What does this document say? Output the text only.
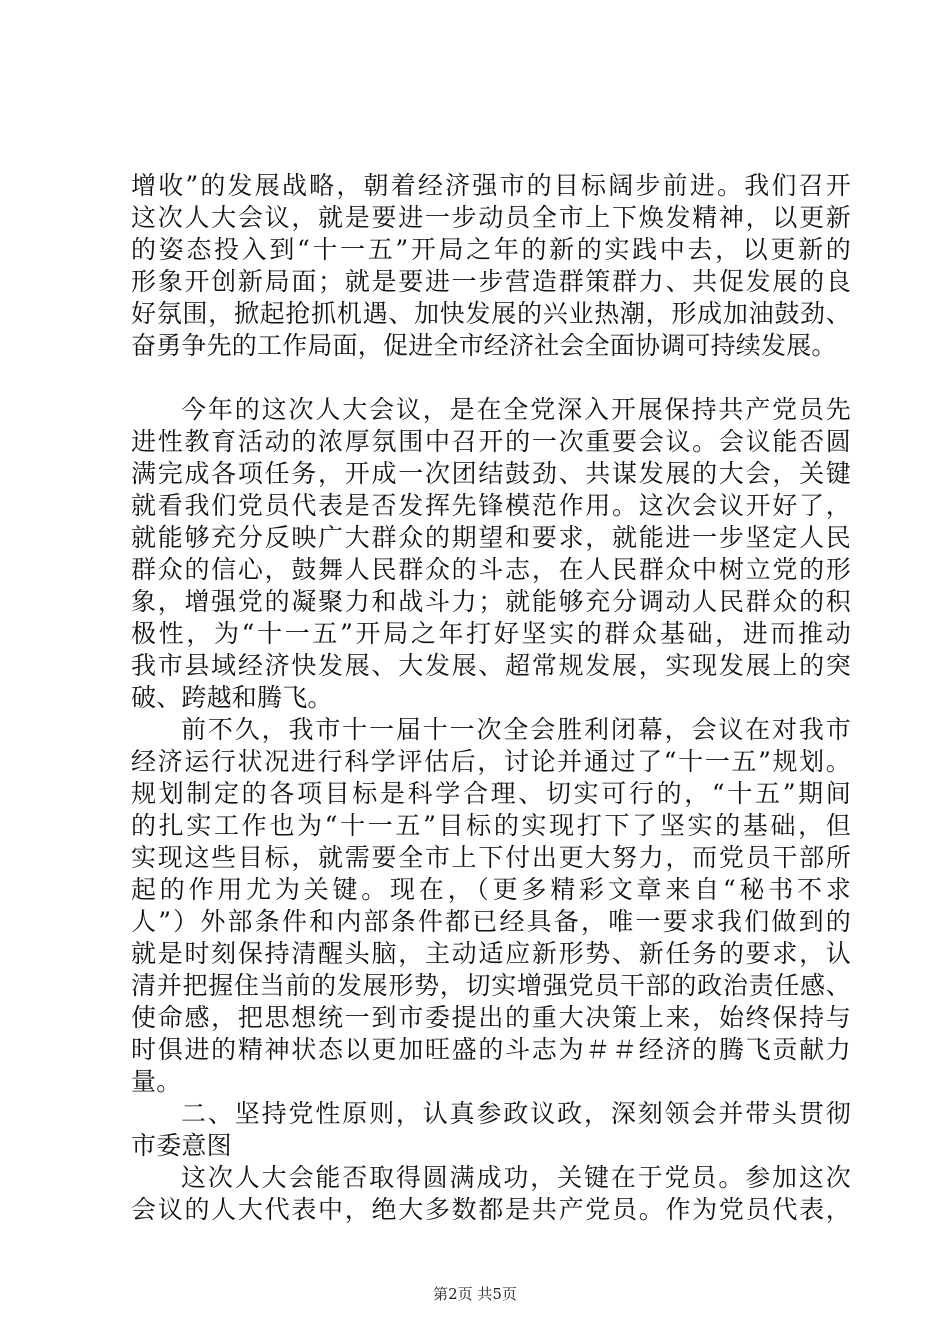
增收”的发展战略，朝着经济强市的目标阔步前进。我们召开
这次人大会议，就是要进一步动员全市上下焕发精神，以更新
的姿态投入到“十一五”开局之年的新的实践中去，以更新的
形象开创新局面；就是要进一步营造群策群力、共促发展的良
好氛围，掀起抢抓机遇、加快发展的兴业热潮，形成加油鼓劲、
奋勇争先的工作局面，促进全市经济社会全面协调可持续发展。
今年的这次人大会议，是在全党深入开展保持共产党员先
进性教育活动的浓厚氛围中召开的一次重要会议。会议能否圆
满完成各项任务，开成一次团结鼓劲、共谋发展的大会，关键
就看我们党员代表是否发挥先锋模范作用。这次会议开好了，
就能够充分反映广大群众的期望和要求，就能进一步坚定人民
群众的信心，鼓舞人民群众的斗志，在人民群众中树立党的形
象，增强党的凝聚力和战斗力；就能够充分调动人民群众的积
极性，为“十一五”开局之年打好坚实的群众基础，进而推动
我市县域经济快发展、大发展、超常规发展，实现发展上的突
破、跨越和腾飞。
前不久，我市十一届十一次全会胜利闭幕，会议在对我市
经济运行状况进行科学评估后，讨论并通过了“十一五”规划。
规划制定的各项目标是科学合理、切实可行的，“十五”期间
的扎实工作也为“十一五”目标的实现打下了坚实的基础，但
实现这些目标，就需要全市上下付出更大努力，而党员干部所
起的作用尤为关键。现在，（更多精彩文章来自“秘书不求
人”）外部条件和内部条件都已经具备，唯一要求我们做到的
就是时刻保持清醒头脑，主动适应新形势、新任务的要求，认
清并把握住当前的发展形势，切实增强党员干部的政治责任感、
使命感，把思想统一到市委提出的重大决策上来，始终保持与
时俱进的精神状态以更加旺盛的斗志为＃＃经济的腾飞贡献力
量。
二、坚持党性原则，认真参政议政，深刻领会并带头贯彻
市委意图
这次人大会能否取得圆满成功，关键在于党员。参加这次
会议的人大代表中，绝大多数都是共产党员。作为党员代表，
第2页 共5页
